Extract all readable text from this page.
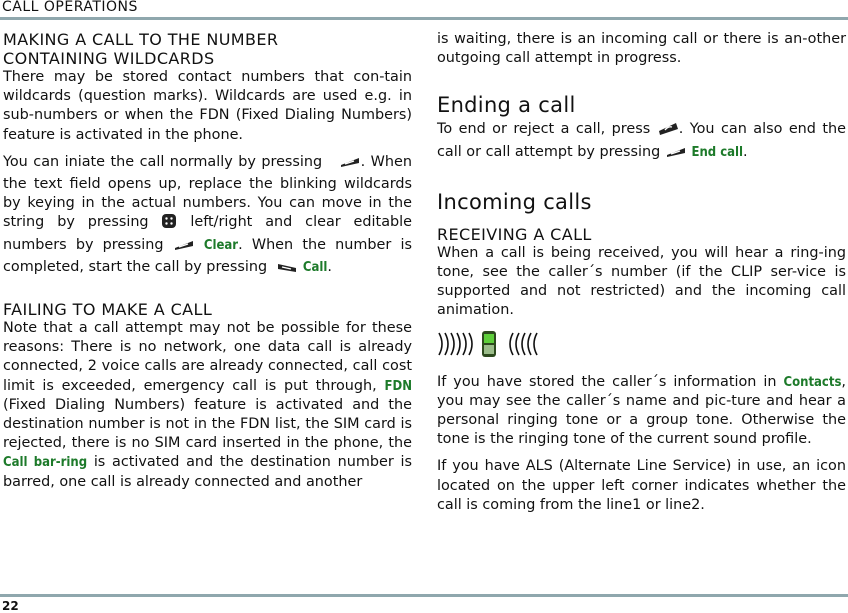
CALL OPERATIONS
MAKING A CALL TO THE NUMBER
CONTAINING WILDCARDS

There may be stored contact numbers that con-tain wildcards (question marks). Wildcards are used e.g. in sub-numbers or when the FDN (Fixed Dialing Numbers) feature is activated in the phone.

You can iniate the call normally by pressing	. When the text field opens up, replace the blinking wildcards by keying in the actual numbers. You can move in the string by pressing	left/right and clear editable numbers by pressing	Clear. When the number is completed, start the call by pressing	Call.

FAILING TO MAKE A CALL

Note that a call attempt may not be possible for these reasons: There is no network, one data call is already connected, 2 voice calls are already connected, call cost limit is exceeded, emergency call is put through, FDN (Fixed Dialing Numbers) feature is activated and the destination number is not in the FDN list, the SIM card is rejected, there is no SIM card inserted in the phone, the Call bar-ring is activated and the destination number is barred, one call is already connected and another

is waiting, there is an incoming call or there is an-other outgoing call attempt in progress.

Ending a call

To end or reject a call, press . You can also end the call or call attempt by pressing End call.

Incoming calls
RECEIVING A CALL

When a call is being received, you will hear a ring-ing tone, see the caller´s number (if the CLIP ser-vice is supported and not restricted) and the incoming call animation.

If you have stored the caller´s information in Contacts, you may see the caller´s name and pic-ture and hear a personal ringing tone or a group tone. Otherwise the tone is the ringing tone of the current sound profile.

If you have ALS (Alternate Line Service) in use, an icon located on the upper left corner indicates whether the call is coming from the line1 or line2.

22
